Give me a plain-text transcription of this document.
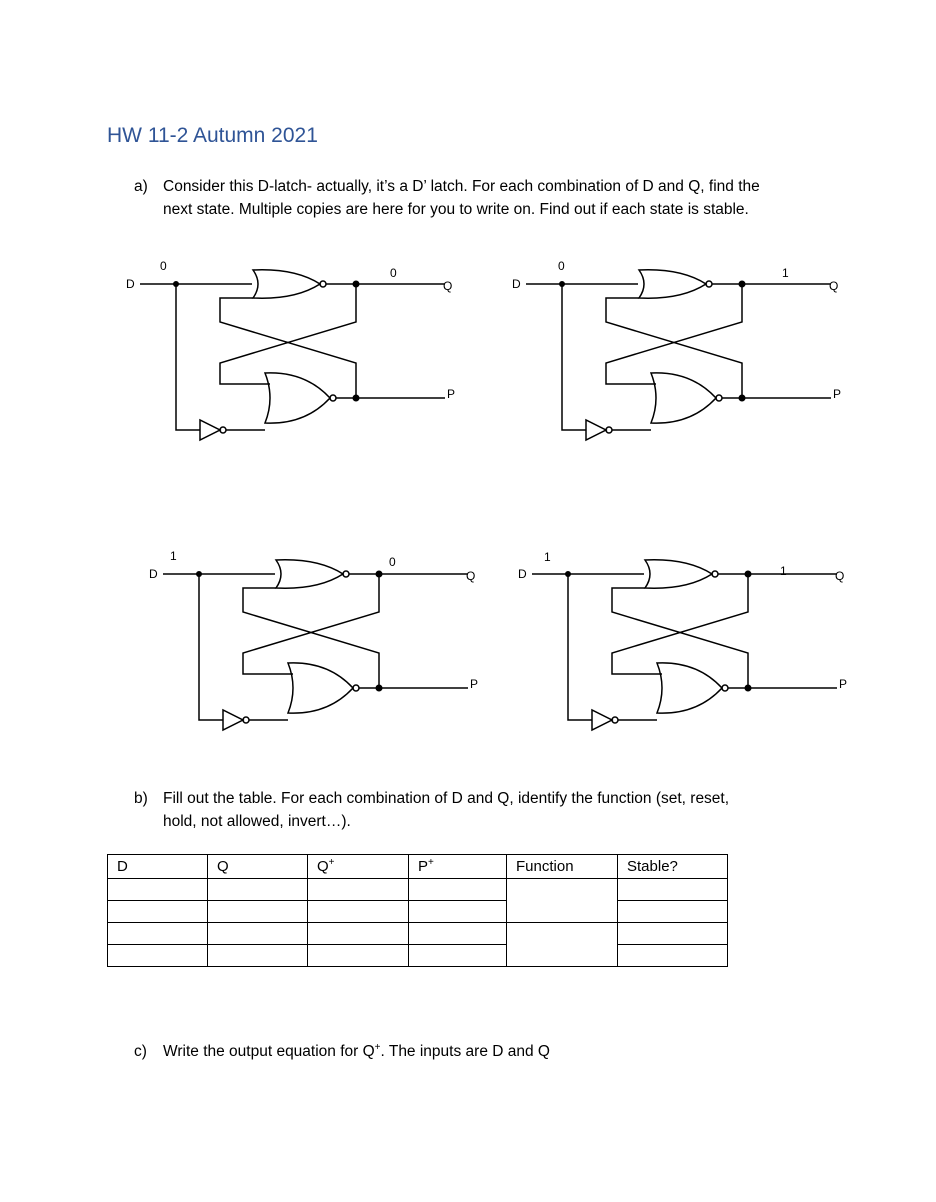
HW 11-2 Autumn 2021
a) Consider this D-latch- actually, it’s a D’ latch. For each combination of D and Q, find the
next state. Multiple copies are here for you to write on. Find out if each state is stable.
D
0	0
Q
P
D
0	1
Q
P
D
1	0
Q
P
D
1
1	Q
P
b) Fill out the table. For each combination of D and Q, identify the function (set, reset,
hold, not allowed, invert…).
D	Q	Q+	P+	Function	Stable?

c) Write the output equation for Q+. The inputs are D and Q
